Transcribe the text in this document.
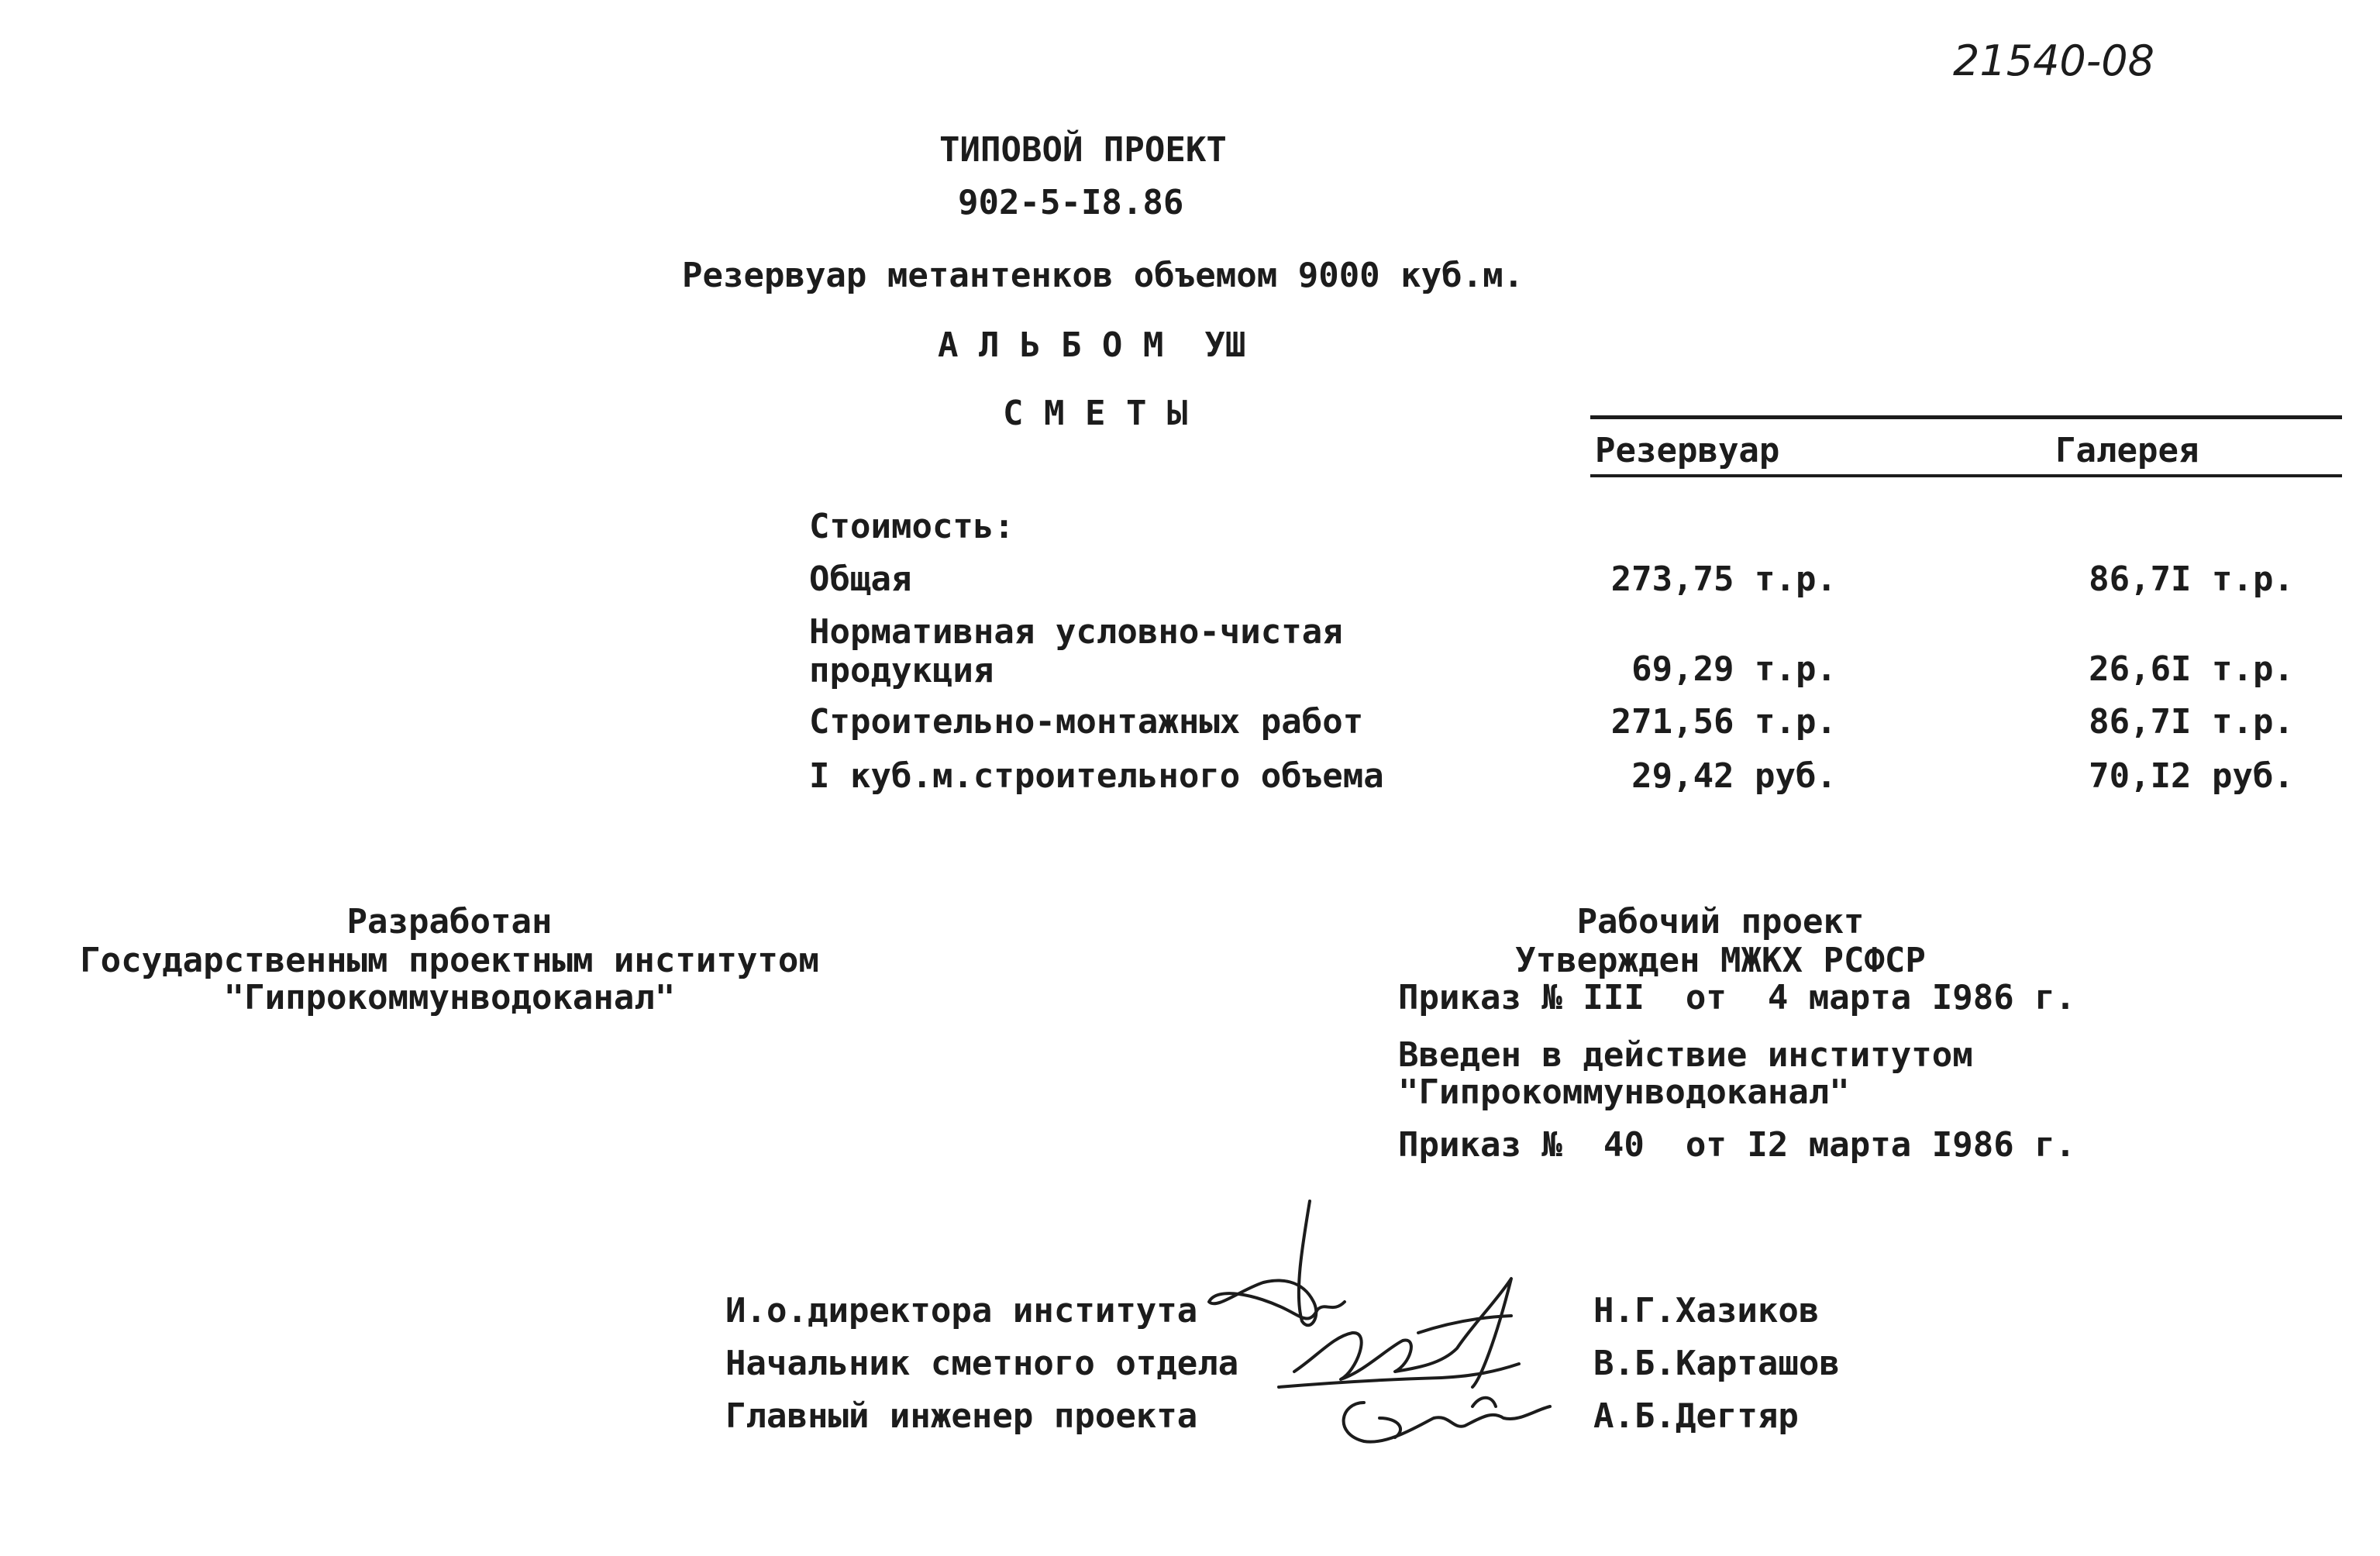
21540-08
ТИПОВОЙ ПРОЕКТ
902-5-I8.86
Резервуар метантенков объемом 9000 куб.м.
А Л Ь Б О М  УШ
С М Е Т Ы
Резервуар	Галерея
Стоимость:
Общая	273,75 т.р.	86,7I т.р.
Нормативная условно-чистая
продукция	69,29 т.р.	26,6I т.р.
Строительно-монтажных работ	271,56 т.р.	86,7I т.р.
I куб.м.строительного объема	29,42 руб.	70,I2 руб.
Разработан
Государственным проектным институтом
"Гипрокоммунводоканал"
Рабочий проект
Утвержден МЖКХ РСФСР
Приказ № III  от  4 марта I986 г.
Введен в действие институтом
"Гипрокоммунводоканал"
Приказ №  40  от I2 марта I986 г.
И.о.директора института	Н.Г.Хазиков
Начальник сметного отдела	В.Б.Карташов
Главный инженер проекта	А.Б.Дегтяр
